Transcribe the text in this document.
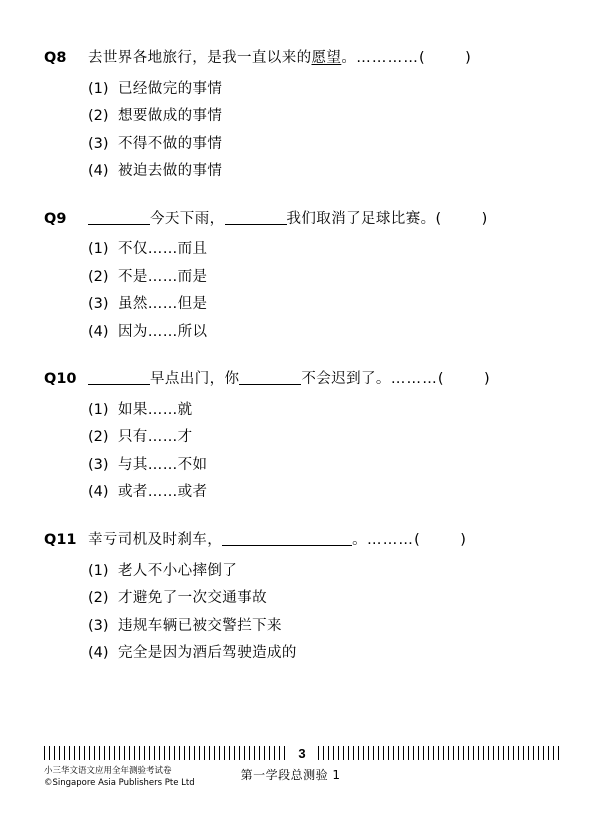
Q8	去世界各地旅行，是我一直以来的愿望。…………(        )
(1) 已经做完的事情
(2) 想要做成的事情
(3) 不得不做的事情
(4) 被迫去做的事情
Q9	今天下雨，	我们取消了足球比赛。(        )
(1) 不仅……而且
(2) 不是……而是
(3) 虽然……但是
(4) 因为……所以
Q10	早点出门，你	不会迟到了。………(        )
(1) 如果……就
(2) 只有……才
(3) 与其……不如
(4) 或者……或者
Q11 幸亏司机及时刹车，	。………(        )
(1) 老人不小心摔倒了
(2) 才避免了一次交通事故
(3) 违规车辆已被交警拦下来
(4) 完全是因为酒后驾驶造成的
3
小三华文语文应用全年测验考试卷
©Singapore Asia Publishers Pte Ltd
第一学段总测验 1
